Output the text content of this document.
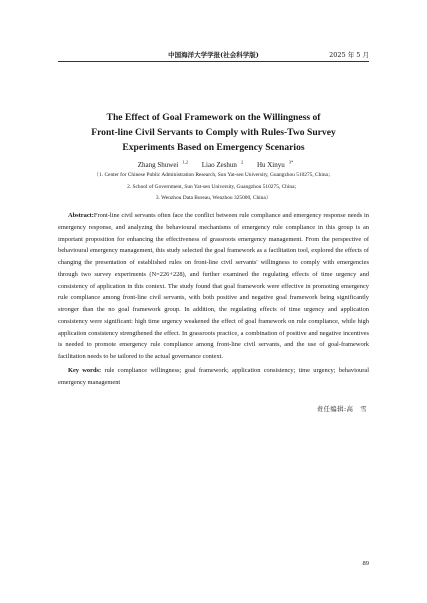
中国海洋大学学报(社会科学版)	2025 年 5 月
The Effect of Goal Framework on the Willingness of
Front-line Civil Servants to Comply with Rules-Two Survey
Experiments Based on Emergency Scenarios
Zhang Shuwei $^{1,2}$ Liao Zeshun $^2$ Hu Xinyu $^{3*}$
（1. Center for Chinese Public Administration Research, Sun Yat-sen University, Guangzhou 510275, China；
2. School of Government, Sun Yat-sen University, Guangzhou 510275, China；
3. Wenzhou Data Bureau, Wenzhou 325000, China）

Abstract:Front-line civil servants often face the conflict between rule compliance and emergency response needs in emergency response, and analyzing the behavioural mechanisms of emergency rule compliance in this group is an important proposition for enhancing the effectiveness of grassroots emergency management. From the perspective of behavioural emergency management, this study selected the goal framework as a facilitation tool, explored the effects of changing the presentation of established rules on front-line civil servants' willingness to comply with emergencies through two survey experiments (N=226+228), and further examined the regulating effects of time urgency and consistency of application in this context. The study found that goal framework were effective in promoting emergency rule compliance among front-line civil servants, with both positive and negative goal framework being significantly stronger than the no goal framework group. In addition, the regulating effects of time urgency and application consistency were significant: high time urgency weakened the effect of goal framework on rule compliance, while high application consistency strengthened the effect. In grassroots practice, a combination of positive and negative incentives is needed to promote emergency rule compliance among front-line civil servants, and the use of goal-framework facilitation needs to be tailored to the actual governance context.

Key words: rule compliance willingness; goal framework; application consistency; time urgency; behavioural emergency management

责任编辑:高　雪
89
